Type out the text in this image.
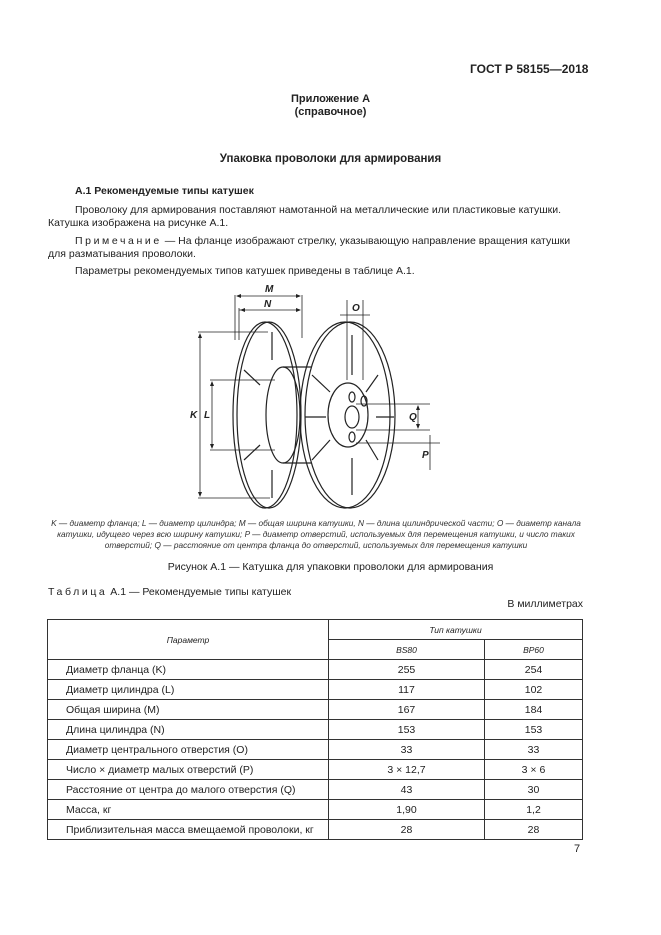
ГОСТ Р 58155—2018
Приложение А
(справочное)
Упаковка проволоки для армирования
А.1 Рекомендуемые типы катушек
Проволоку для армирования поставляют намотанной на металлические или пластиковые катушки. Катушка изображена на рисунке А.1.
Примечание — На фланце изображают стрелку, указывающую направление вращения катушки для разматывания проволоки.
Параметры рекомендуемых типов катушек приведены в таблице А.1.
M
N	O
K L	Q
P
K — диаметр фланца; L — диаметр цилиндра; M — общая ширина катушки, N — длина цилиндрической части; O — диаметр канала катушки, идущего через всю ширину катушки; P — диаметр отверстий, используемых для перемещения катушки, и число таких отверстий; Q — расстояние от центра фланца до отверстий, используемых для перемещения катушки
Рисунок А.1 — Катушка для упаковки проволоки для армирования
Таблица А.1 — Рекомендуемые типы катушек
В миллиметрах
Параметр	Тип катушки	
	BS80	BP60
Диаметр фланца (K)	255	254
Диаметр цилиндра (L)	117	102
Общая ширина (M)	167	184
Длина цилиндра (N)	153	153
Диаметр центрального отверстия (O)	33	33
Число × диаметр малых отверстий (P)	3 × 12,7	3 × 6
Расстояние от центра до малого отверстия (Q)	43	30
Масса, кг	1,90	1,2
Приблизительная масса вмещаемой проволоки, кг	28	28
7
